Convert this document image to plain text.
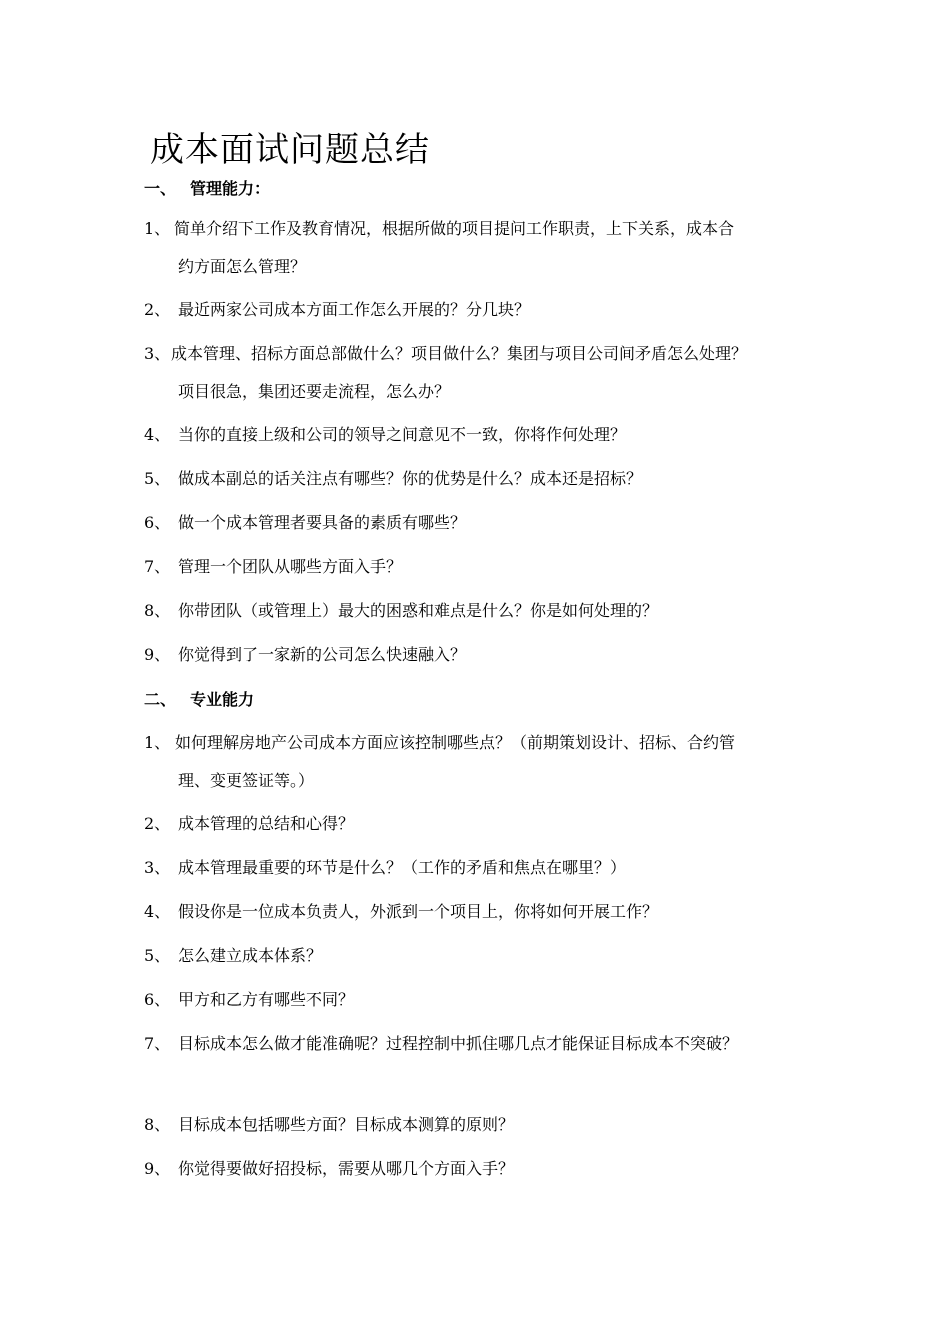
成本面试问题总结
一、 管理能力：
1、 简单介绍下工作及教育情况，根据所做的项目提问工作职责，上下关系，成本合
约方面怎么管理？
2、 最近两家公司成本方面工作怎么开展的？分几块？
3、 成本管理、招标方面总部做什么？项目做什么？集团与项目公司间矛盾怎么处理？
项目很急，集团还要走流程，怎么办？
4、 当你的直接上级和公司的领导之间意见不一致，你将作何处理？
5、 做成本副总的话关注点有哪些？你的优势是什么？成本还是招标？
6、 做一个成本管理者要具备的素质有哪些？
7、 管理一个团队从哪些方面入手？
8、 你带团队（或管理上）最大的困惑和难点是什么？你是如何处理的？
9、 你觉得到了一家新的公司怎么快速融入？
二、 专业能力
1、 如何理解房地产公司成本方面应该控制哪些点？（前期策划设计、招标、合约管
理、变更签证等。）
2、 成本管理的总结和心得？
3、 成本管理最重要的环节是什么？（工作的矛盾和焦点在哪里？）
4、 假设你是一位成本负责人，外派到一个项目上，你将如何开展工作？
5、 怎么建立成本体系？
6、 甲方和乙方有哪些不同？
7、 目标成本怎么做才能准确呢？过程控制中抓住哪几点才能保证目标成本不突破？
8、 目标成本包括哪些方面？目标成本测算的原则？
9、 你觉得要做好招投标，需要从哪几个方面入手？
